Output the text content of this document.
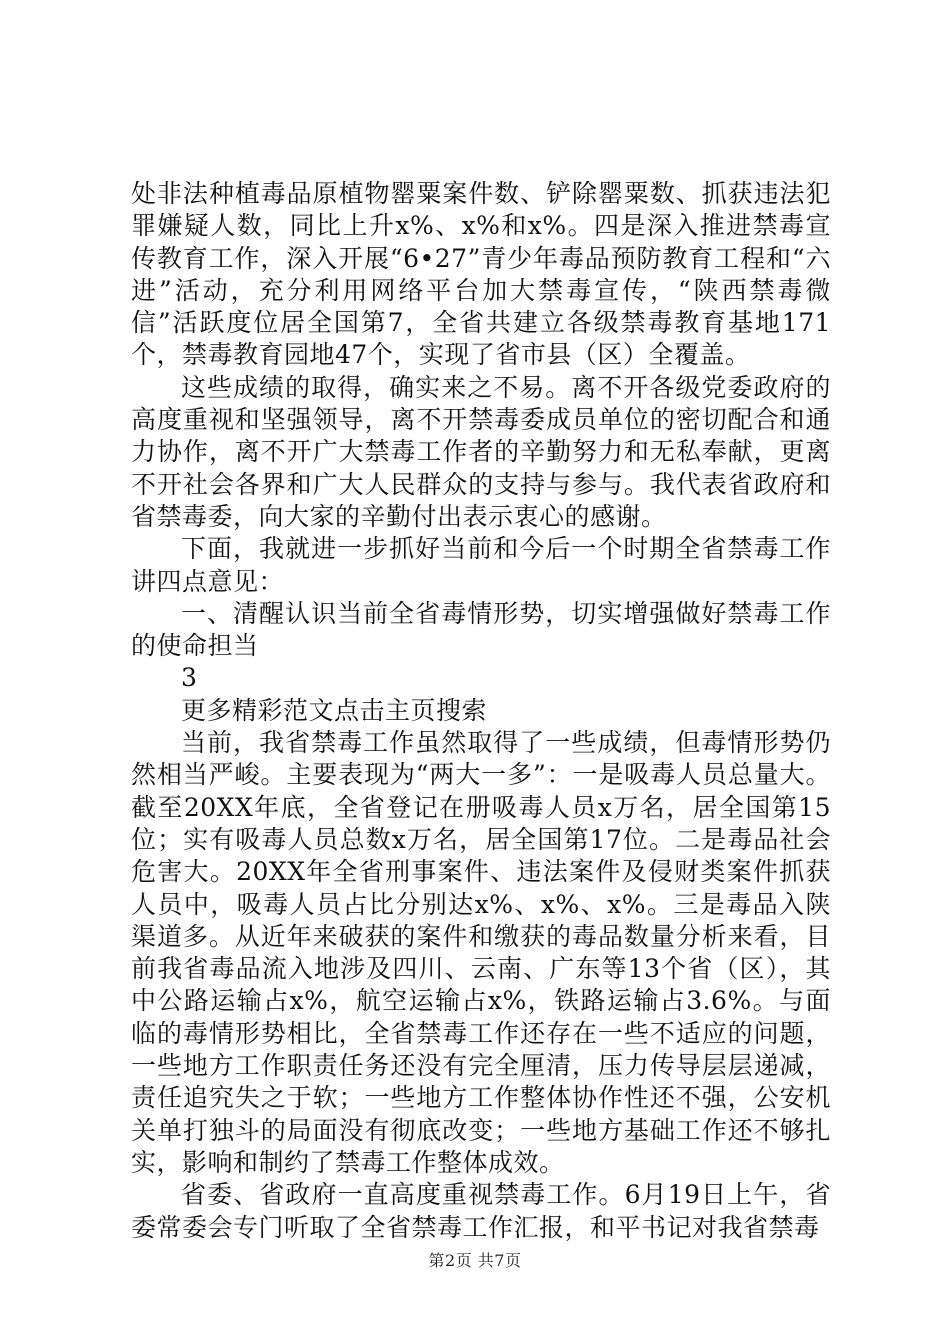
处非法种植毒品原植物罂粟案件数、铲除罂粟数、抓获违法犯罪嫌疑人数，同比上升x%、x%和x%。四是深入推进禁毒宣传教育工作，深入开展“6•27”青少年毒品预防教育工程和“六进”活动，充分利用网络平台加大禁毒宣传，“陕西禁毒微信”活跃度位居全国第7，全省共建立各级禁毒教育基地171个，禁毒教育园地47个，实现了省市县（区）全覆盖。

这些成绩的取得，确实来之不易。离不开各级党委政府的高度重视和坚强领导，离不开禁毒委成员单位的密切配合和通力协作，离不开广大禁毒工作者的辛勤努力和无私奉献，更离不开社会各界和广大人民群众的支持与参与。我代表省政府和省禁毒委，向大家的辛勤付出表示衷心的感谢。

下面，我就进一步抓好当前和今后一个时期全省禁毒工作讲四点意见：

一、清醒认识当前全省毒情形势，切实增强做好禁毒工作的使命担当

3

更多精彩范文点击主页搜索

当前，我省禁毒工作虽然取得了一些成绩，但毒情形势仍然相当严峻。主要表现为“两大一多”：一是吸毒人员总量大。截至20XX年底，全省登记在册吸毒人员x万名，居全国第15位；实有吸毒人员总数x万名，居全国第17位。二是毒品社会危害大。20XX年全省刑事案件、违法案件及侵财类案件抓获人员中，吸毒人员占比分别达x%、x%、x%。三是毒品入陕渠道多。从近年来破获的案件和缴获的毒品数量分析来看，目前我省毒品流入地涉及四川、云南、广东等13个省（区），其中公路运输占x%，航空运输占x%，铁路运输占3.6%。与面临的毒情形势相比，全省禁毒工作还存在一些不适应的问题，一些地方工作职责任务还没有完全厘清，压力传导层层递减，责任追究失之于软；一些地方工作整体协作性还不强，公安机关单打独斗的局面没有彻底改变；一些地方基础工作还不够扎实，影响和制约了禁毒工作整体成效。

省委、省政府一直高度重视禁毒工作。6月19日上午，省委常委会专门听取了全省禁毒工作汇报，和平书记对我省禁毒

第2页 共7页
